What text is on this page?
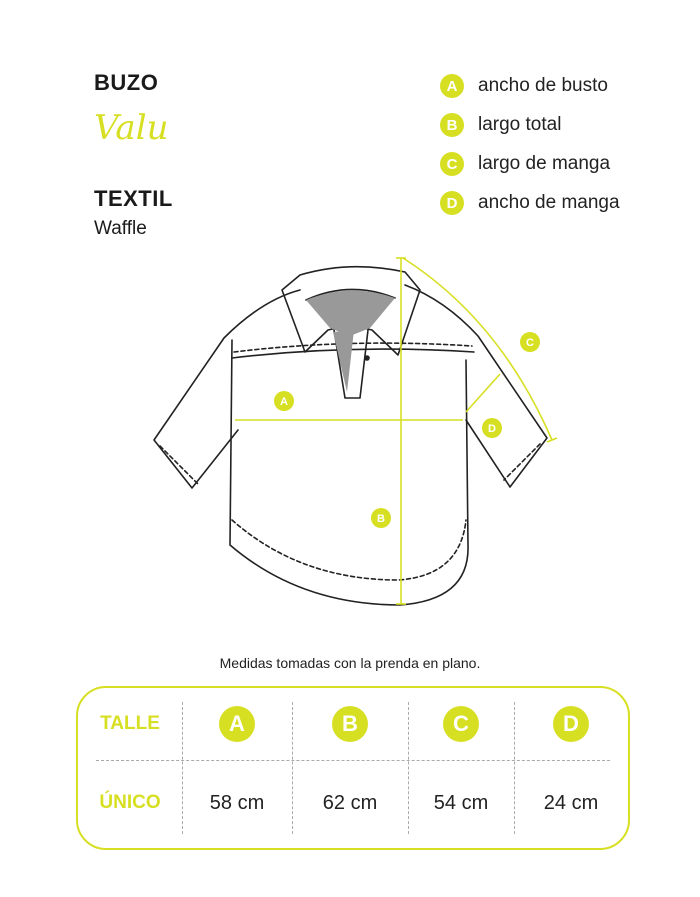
BUZO
Valu
TEXTIL
Waffle
A	ancho de busto
B	largo total
C	largo de manga
D	ancho de manga
A
B
C
D
Medidas tomadas con la prenda en plano.
TALLE	A	B	C	D
ÚNICO	58 cm	62 cm	54 cm	24 cm
